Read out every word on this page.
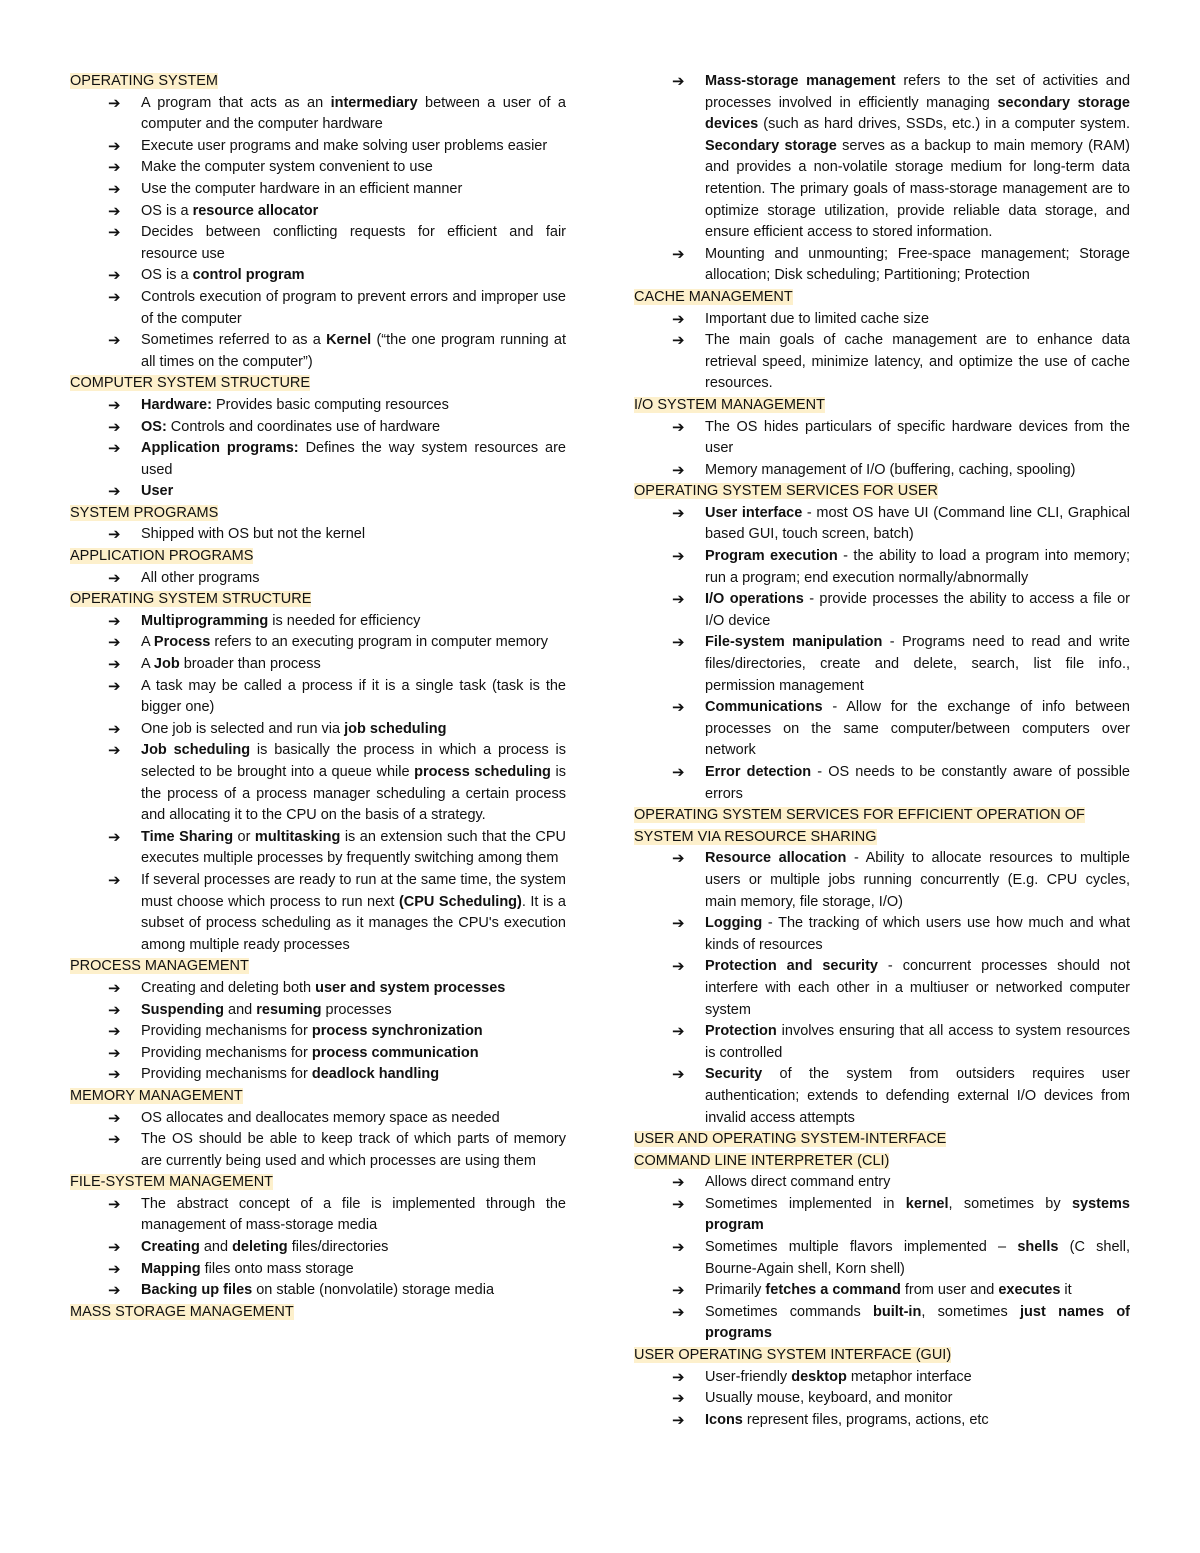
OPERATING SYSTEM
➔ A program that acts as an intermediary between a user of a computer and the computer hardware
➔ Execute user programs and make solving user problems easier
➔ Make the computer system convenient to use
➔ Use the computer hardware in an efficient manner
➔ OS is a resource allocator
➔ Decides between conflicting requests for efficient and fair resource use
➔ OS is a control program
➔ Controls execution of program to prevent errors and improper use of the computer
➔ Sometimes referred to as a Kernel (“the one program running at all times on the computer”)
COMPUTER SYSTEM STRUCTURE
➔ Hardware: Provides basic computing resources
➔ OS: Controls and coordinates use of hardware
➔ Application programs: Defines the way system resources are used
➔ User
SYSTEM PROGRAMS
➔ Shipped with OS but not the kernel
APPLICATION PROGRAMS
➔ All other programs
OPERATING SYSTEM STRUCTURE
➔ Multiprogramming is needed for efficiency
➔ A Process refers to an executing program in computer memory
➔ A Job broader than process
➔ A task may be called a process if it is a single task (task is the bigger one)
➔ One job is selected and run via job scheduling
➔ Job scheduling is basically the process in which a process is selected to be brought into a queue while process scheduling is the process of a process manager scheduling a certain process and allocating it to the CPU on the basis of a strategy.
➔ Time Sharing or multitasking is an extension such that the CPU executes multiple processes by frequently switching among them
➔ If several processes are ready to run at the same time, the system must choose which process to run next (CPU Scheduling). It is a subset of process scheduling as it manages the CPU's execution among multiple ready processes
PROCESS MANAGEMENT
➔ Creating and deleting both user and system processes
➔ Suspending and resuming processes
➔ Providing mechanisms for process synchronization
➔ Providing mechanisms for process communication
➔ Providing mechanisms for deadlock handling
MEMORY MANAGEMENT
➔ OS allocates and deallocates memory space as needed
➔ The OS should be able to keep track of which parts of memory are currently being used and which processes are using them
FILE-SYSTEM MANAGEMENT
➔ The abstract concept of a file is implemented through the management of mass-storage media
➔ Creating and deleting files/directories
➔ Mapping files onto mass storage
➔ Backing up files on stable (nonvolatile) storage media
MASS STORAGE MANAGEMENT
➔ Mass-storage management refers to the set of activities and processes involved in efficiently managing secondary storage devices (such as hard drives, SSDs, etc.) in a computer system. Secondary storage serves as a backup to main memory (RAM) and provides a non-volatile storage medium for long-term data retention. The primary goals of mass-storage management are to optimize storage utilization, provide reliable data storage, and ensure efficient access to stored information.
➔ Mounting and unmounting; Free-space management; Storage allocation; Disk scheduling; Partitioning; Protection
CACHE MANAGEMENT
➔ Important due to limited cache size
➔ The main goals of cache management are to enhance data retrieval speed, minimize latency, and optimize the use of cache resources.
I/O SYSTEM MANAGEMENT
➔ The OS hides particulars of specific hardware devices from the user
➔ Memory management of I/O (buffering, caching, spooling)
OPERATING SYSTEM SERVICES FOR USER
➔ User interface - most OS have UI (Command line CLI, Graphical based GUI, touch screen, batch)
➔ Program execution - the ability to load a program into memory; run a program; end execution normally/abnormally
➔ I/O operations - provide processes the ability to access a file or I/O device
➔ File-system manipulation - Programs need to read and write files/directories, create and delete, search, list file info., permission management
➔ Communications - Allow for the exchange of info between processes on the same computer/between computers over network
➔ Error detection - OS needs to be constantly aware of possible errors
OPERATING SYSTEM SERVICES FOR EFFICIENT OPERATION OF SYSTEM VIA RESOURCE SHARING
➔ Resource allocation - Ability to allocate resources to multiple users or multiple jobs running concurrently (E.g. CPU cycles, main memory, file storage, I/O)
➔ Logging - The tracking of which users use how much and what kinds of resources
➔ Protection and security - concurrent processes should not interfere with each other in a multiuser or networked computer system
➔ Protection involves ensuring that all access to system resources is controlled
➔ Security of the system from outsiders requires user authentication; extends to defending external I/O devices from invalid access attempts
USER AND OPERATING SYSTEM-INTERFACE
COMMAND LINE INTERPRETER (CLI)
➔ Allows direct command entry
➔ Sometimes implemented in kernel, sometimes by systems program
➔ Sometimes multiple flavors implemented – shells (C shell, Bourne-Again shell, Korn shell)
➔ Primarily fetches a command from user and executes it
➔ Sometimes commands built-in, sometimes just names of programs
USER OPERATING SYSTEM INTERFACE (GUI)
➔ User-friendly desktop metaphor interface
➔ Usually mouse, keyboard, and monitor
➔ Icons represent files, programs, actions, etc
